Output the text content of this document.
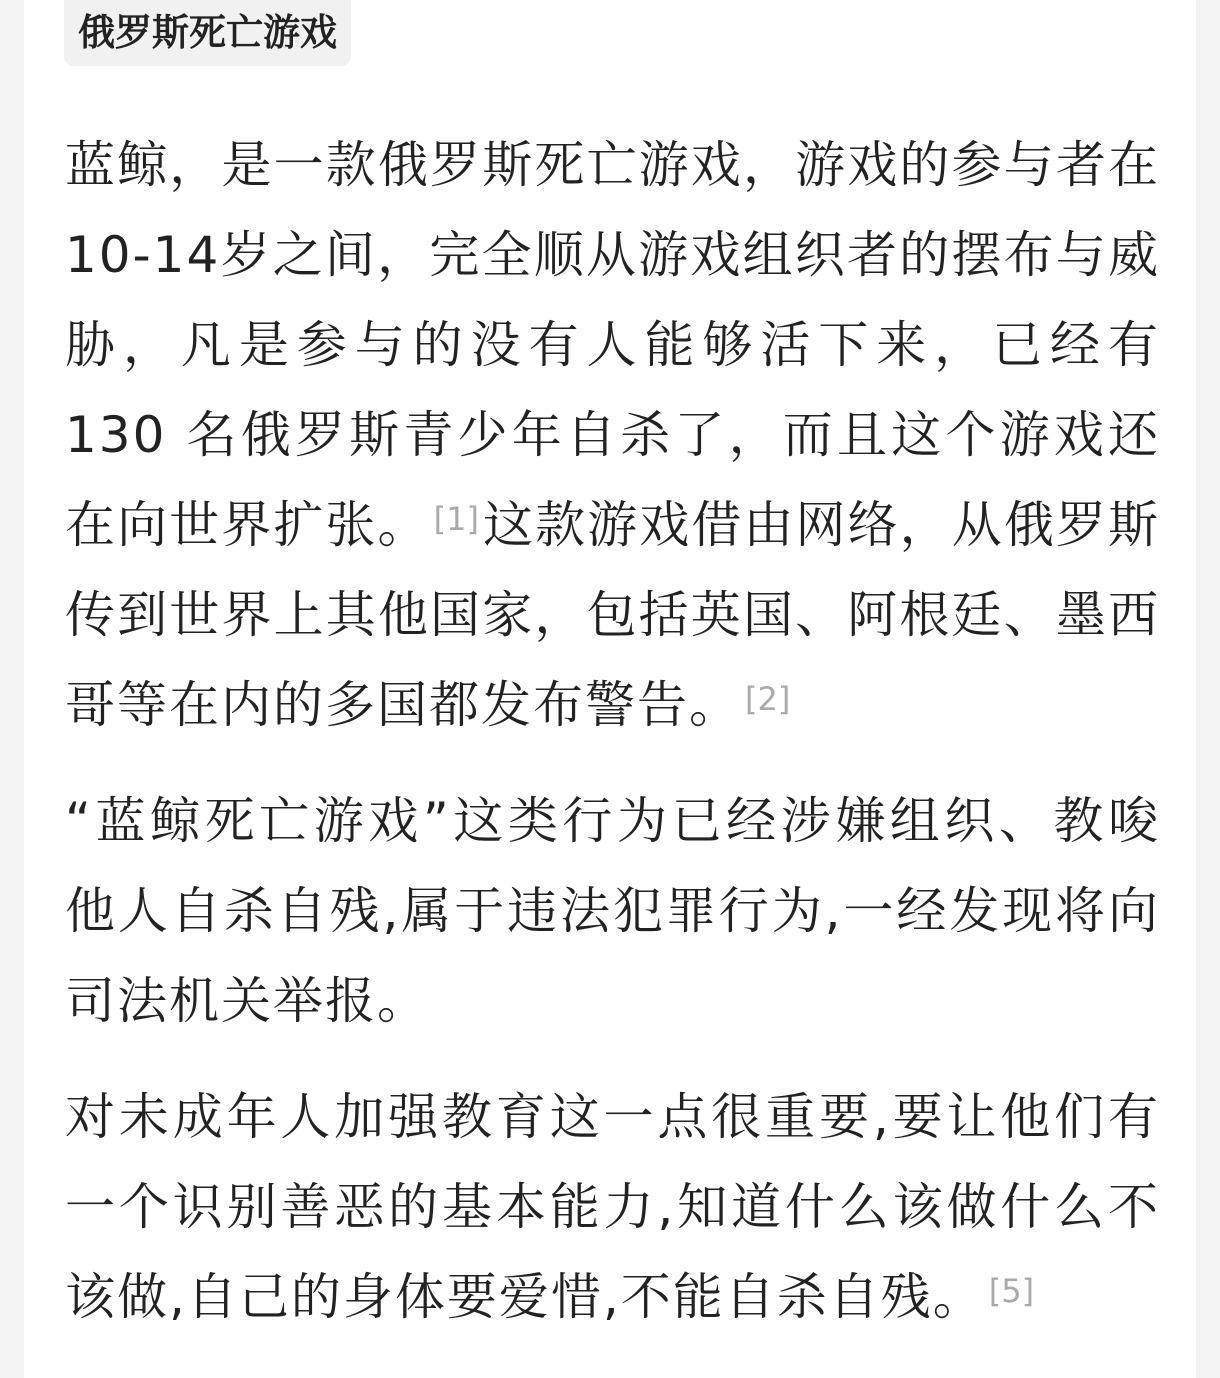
俄罗斯死亡游戏

蓝鲸，是一款俄罗斯死亡游戏，游戏的参与者在10-14岁之间，完全顺从游戏组织者的摆布与威胁，凡是参与的没有人能够活下来，已经有 130 名俄罗斯青少年自杀了，而且这个游戏还在向世界扩张。 [1]这款游戏借由网络，从俄罗斯传到世界上其他国家，包括英国、阿根廷、墨西哥等在内的多国都发布警告。 [2]

“蓝鲸死亡游戏”这类行为已经涉嫌组织、教唆他人自杀自残,属于违法犯罪行为,一经发现将向司法机关举报。

对未成年人加强教育这一点很重要,要让他们有一个识别善恶的基本能力,知道什么该做什么不该做,自己的身体要爱惜,不能自杀自残。 [5]
